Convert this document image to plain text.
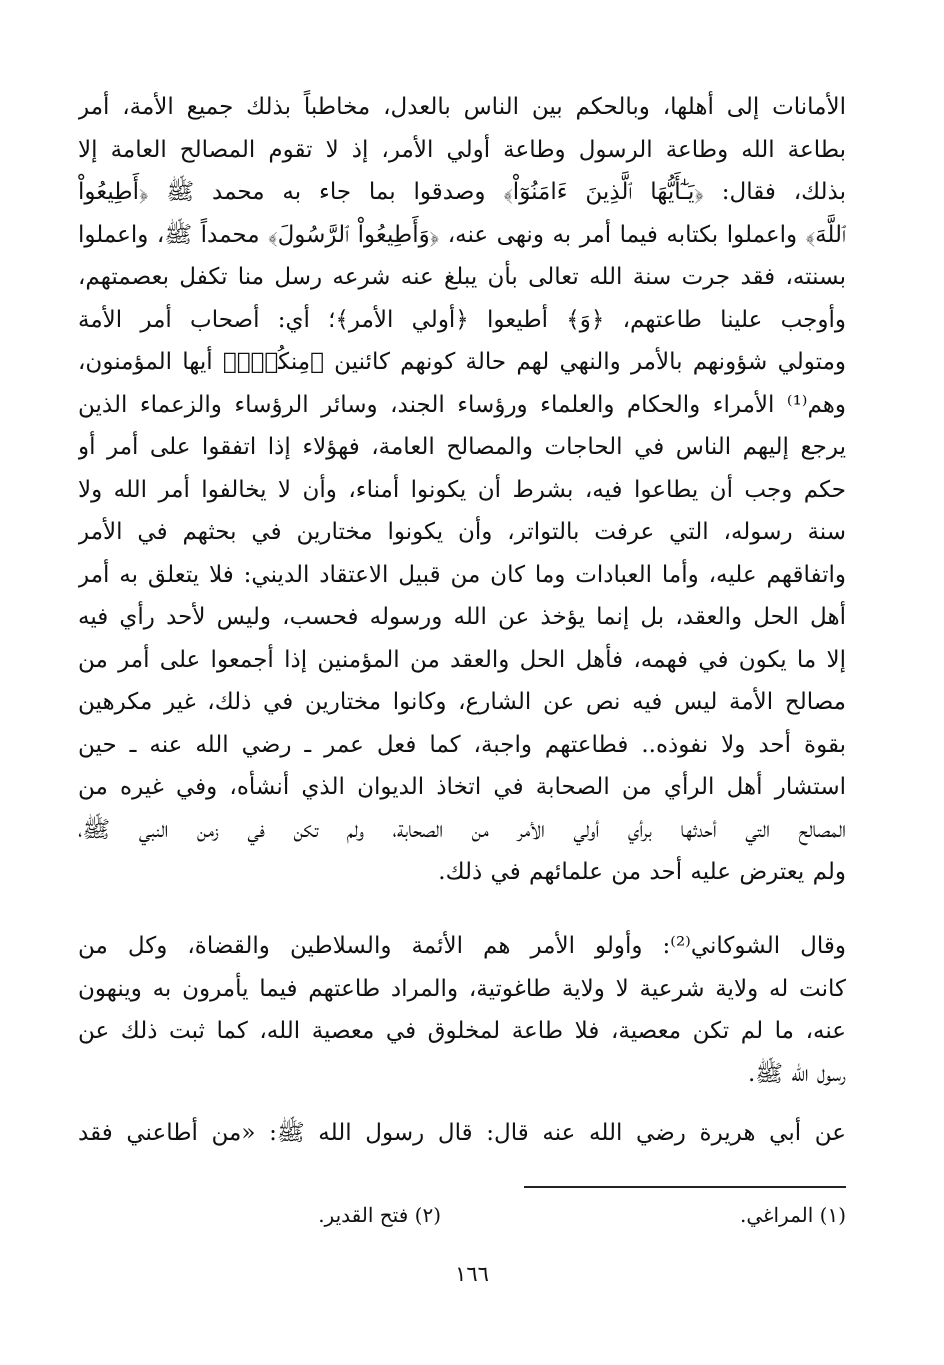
الأمانات إلى أهلها، وبالحكم بين الناس بالعدل، مخاطباً بذلك جميع الأمة، أمر
بطاعة الله وطاعة الرسول وطاعة أولي الأمر، إذ لا تقوم المصالح العامة إلا
بذلك، فقال: ﴿يَـٰٓأَيُّهَا ٱلَّذِينَ ءَامَنُوٓاْ﴾ وصدقوا بما جاء به محمد ﷺ ﴿أَطِيعُواْ
ٱللَّهَ﴾ واعملوا بكتابه فيما أمر به ونهى عنه، ﴿وَأَطِيعُواْ ٱلرَّسُولَ﴾ محمداً ﷺ، واعملوا
بسنته، فقد جرت سنة الله تعالى بأن يبلغ عنه شرعه رسل منا تكفل بعصمتهم،
وأوجب علينا طاعتهم، ﴿وَ﴾ أطيعوا ﴿أولي الأمر﴾؛ أي: أصحاب أمر الأمة
ومتولي شؤونهم بالأمر والنهي لهم حالة كونهم كائنين ﴿مِنكُمْۖ﴾ أيها المؤمنون،
وهم⁽¹⁾ الأمراء والحكام والعلماء ورؤساء الجند، وسائر الرؤساء والزعماء الذين
يرجع إليهم الناس في الحاجات والمصالح العامة، فهؤلاء إذا اتفقوا على أمر أو
حكم وجب أن يطاعوا فيه، بشرط أن يكونوا أمناء، وأن لا يخالفوا أمر الله ولا
سنة رسوله، التي عرفت بالتواتر، وأن يكونوا مختارين في بحثهم في الأمر
واتفاقهم عليه، وأما العبادات وما كان من قبيل الاعتقاد الديني: فلا يتعلق به أمر
أهل الحل والعقد، بل إنما يؤخذ عن الله ورسوله فحسب، وليس لأحد رأي فيه
إلا ما يكون في فهمه، فأهل الحل والعقد من المؤمنين إذا أجمعوا على أمر من
مصالح الأمة ليس فيه نص عن الشارع، وكانوا مختارين في ذلك، غير مكرهين
بقوة أحد ولا نفوذه.. فطاعتهم واجبة، كما فعل عمر ـ رضي الله عنه ـ حين
استشار أهل الرأي من الصحابة في اتخاذ الديوان الذي أنشأه، وفي غيره من
المصالح التي أحدثها برأي أولي الأمر من الصحابة، ولم تكن في زمن النبي ﷺ،
ولم يعترض عليه أحد من علمائهم في ذلك.
وقال الشوكاني⁽²⁾: وأولو الأمر هم الأئمة والسلاطين والقضاة، وكل من
كانت له ولاية شرعية لا ولاية طاغوتية، والمراد طاعتهم فيما يأمرون به وينهون
عنه، ما لم تكن معصية، فلا طاعة لمخلوق في معصية الله، كما ثبت ذلك عن
رسول الله ﷺ.
عن أبي هريرة رضي الله عنه قال: قال رسول الله ﷺ: «من أطاعني فقد
(١) المراغي.
(٢) فتح القدير.
١٦٦
